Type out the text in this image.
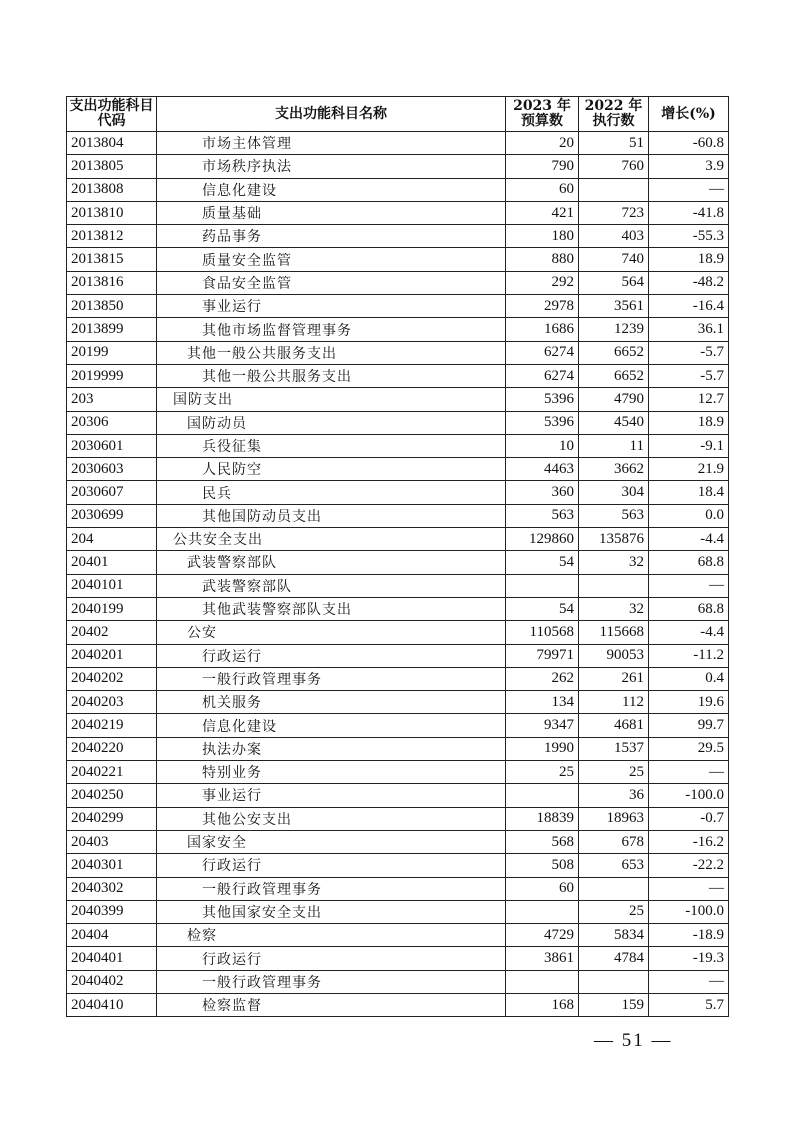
支出功能科目代码	支出功能科目名称	2023 年预算数	2022 年执行数	增长(%)
2013804	市场主体管理	20	51	-60.8
2013805	市场秩序执法	790	760	3.9
2013808	信息化建设	60		—
2013810	质量基础	421	723	-41.8
2013812	药品事务	180	403	-55.3
2013815	质量安全监管	880	740	18.9
2013816	食品安全监管	292	564	-48.2
2013850	事业运行	2978	3561	-16.4
2013899	其他市场监督管理事务	1686	1239	36.1
20199	其他一般公共服务支出	6274	6652	-5.7
2019999	其他一般公共服务支出	6274	6652	-5.7
203	国防支出	5396	4790	12.7
20306	国防动员	5396	4540	18.9
2030601	兵役征集	10	11	-9.1
2030603	人民防空	4463	3662	21.9
2030607	民兵	360	304	18.4
2030699	其他国防动员支出	563	563	0.0
204	公共安全支出	129860	135876	-4.4
20401	武装警察部队	54	32	68.8
2040101	武装警察部队			—
2040199	其他武装警察部队支出	54	32	68.8
20402	公安	110568	115668	-4.4
2040201	行政运行	79971	90053	-11.2
2040202	一般行政管理事务	262	261	0.4
2040203	机关服务	134	112	19.6
2040219	信息化建设	9347	4681	99.7
2040220	执法办案	1990	1537	29.5
2040221	特别业务	25	25	—
2040250	事业运行		36	-100.0
2040299	其他公安支出	18839	18963	-0.7
20403	国家安全	568	678	-16.2
2040301	行政运行	508	653	-22.2
2040302	一般行政管理事务	60		—
2040399	其他国家安全支出		25	-100.0
20404	检察	4729	5834	-18.9
2040401	行政运行	3861	4784	-19.3
2040402	一般行政管理事务			—
2040410	检察监督	168	159	5.7
— 51 —
